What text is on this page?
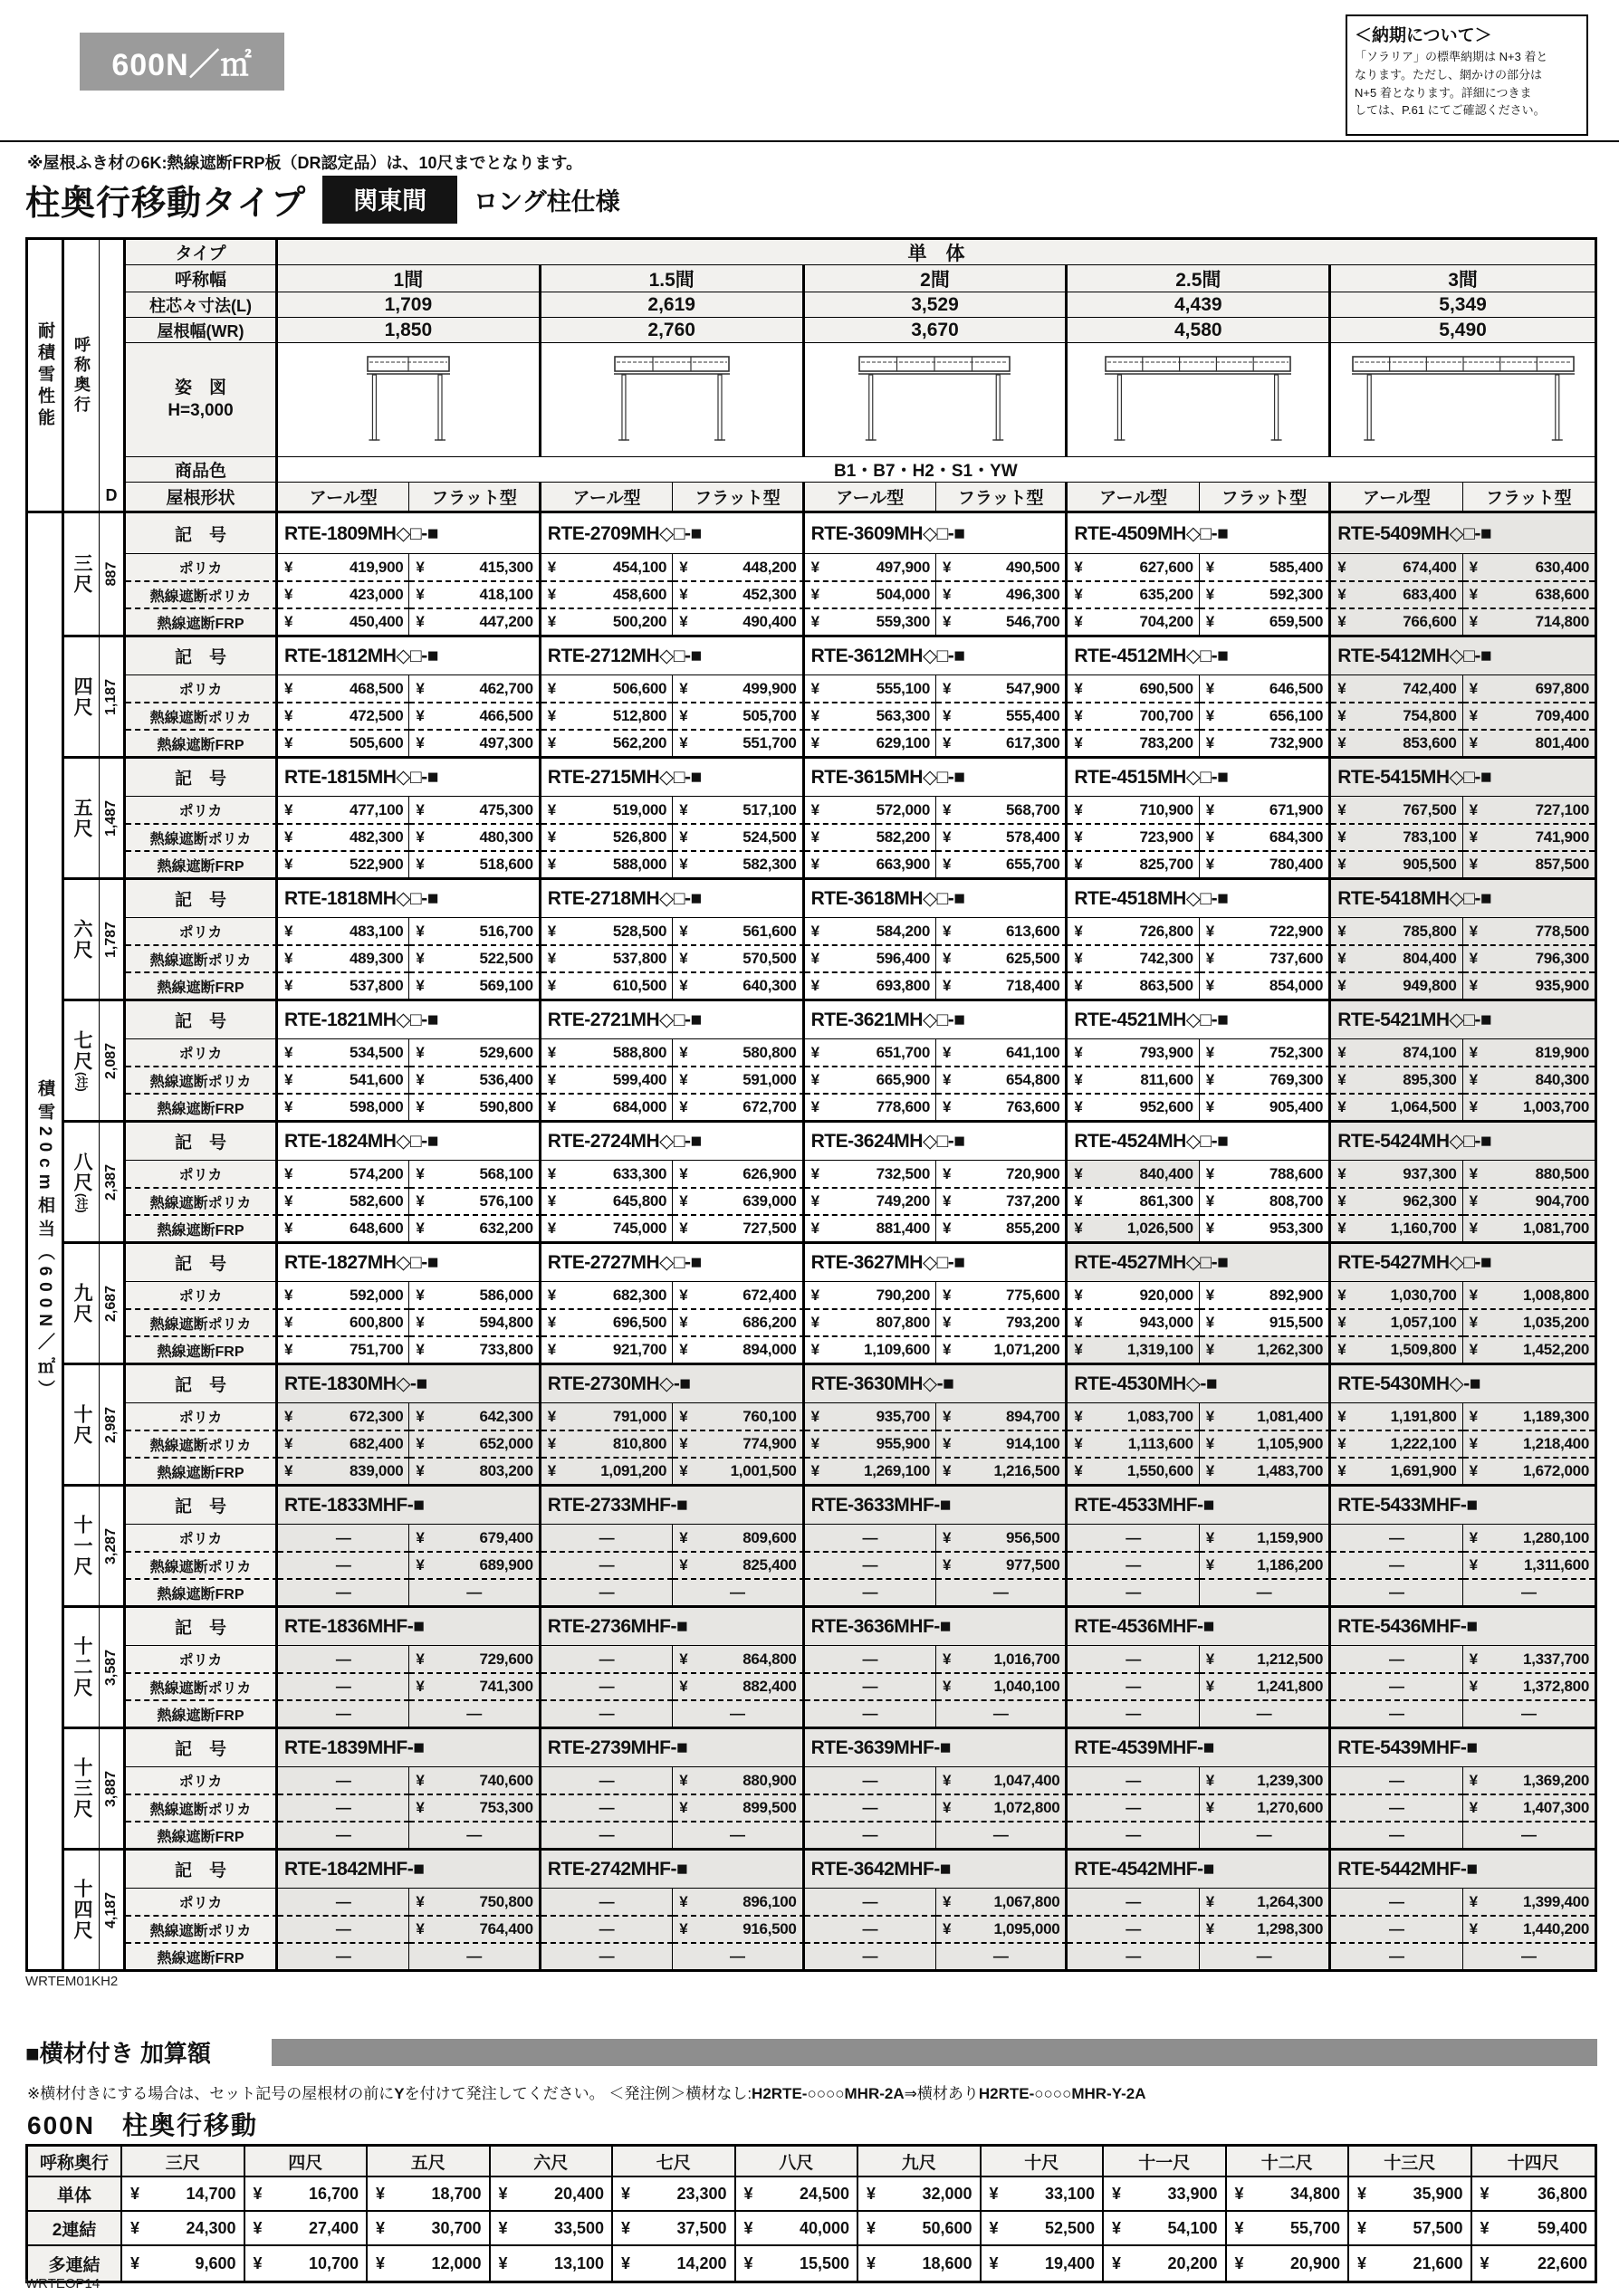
600N／㎡
＜納期について＞
「ソラリア」の標準納期は N+3 着と
なります。ただし、網かけの部分は
N+5 着となります。詳細につきま
しては、P.61 にてご確認ください。
※屋根ふき材の6K:熱線遮断FRP板（DR認定品）は、10尺までとなります。
柱奥行移動タイプ	関東間	ロング柱仕様
耐積雪性能 呼称奥行
D
タイプ	単　体
呼称幅	1間	1.5間	2間	2.5間	3間
柱芯々寸法(L)	1,709	2,619	3,529	4,439	5,349
屋根幅(WR)	1,850	2,760	3,670	4,580	5,490
姿　図
H=3,000
商品色	B1・B7・H2・S1・YW
屋根形状	アール型	フラット型	アール型	フラット型	アール型	フラット型	アール型	フラット型	アール型	フラット型
積雪20cm相当（600N／㎡）
三尺 887
記　号	RTE-1809MH◇□-■	RTE-2709MH◇□-■	RTE-3609MH◇□-■	RTE-4509MH◇□-■	RTE-5409MH◇□-■
ポリカ	¥	419,900 ¥	415,300 ¥	454,100 ¥	448,200 ¥	497,900 ¥	490,500 ¥	627,600 ¥	585,400 ¥	674,400 ¥	630,400
熱線遮断ポリカ ¥	423,000 ¥	418,100 ¥	458,600 ¥	452,300 ¥	504,000 ¥	496,300 ¥	635,200 ¥	592,300 ¥	683,400 ¥	638,600
熱線遮断FRP	¥	450,400 ¥	447,200 ¥	500,200 ¥	490,400 ¥	559,300 ¥	546,700 ¥	704,200 ¥	659,500 ¥	766,600 ¥	714,800
四尺 1,187
記　号	RTE-1812MH◇□-■	RTE-2712MH◇□-■	RTE-3612MH◇□-■	RTE-4512MH◇□-■	RTE-5412MH◇□-■
ポリカ	¥	468,500 ¥	462,700 ¥	506,600 ¥	499,900 ¥	555,100 ¥	547,900 ¥	690,500 ¥	646,500 ¥	742,400 ¥	697,800
熱線遮断ポリカ ¥	472,500 ¥	466,500 ¥	512,800 ¥	505,700 ¥	563,300 ¥	555,400 ¥	700,700 ¥	656,100 ¥	754,800 ¥	709,400
熱線遮断FRP	¥	505,600 ¥	497,300 ¥	562,200 ¥	551,700 ¥	629,100 ¥	617,300 ¥	783,200 ¥	732,900 ¥	853,600 ¥	801,400
五尺 1,487
記　号	RTE-1815MH◇□-■	RTE-2715MH◇□-■	RTE-3615MH◇□-■	RTE-4515MH◇□-■	RTE-5415MH◇□-■
ポリカ	¥	477,100 ¥	475,300 ¥	519,000 ¥	517,100 ¥	572,000 ¥	568,700 ¥	710,900 ¥	671,900 ¥	767,500 ¥	727,100
熱線遮断ポリカ ¥	482,300 ¥	480,300 ¥	526,800 ¥	524,500 ¥	582,200 ¥	578,400 ¥	723,900 ¥	684,300 ¥	783,100 ¥	741,900
熱線遮断FRP	¥	522,900 ¥	518,600 ¥	588,000 ¥	582,300 ¥	663,900 ¥	655,700 ¥	825,700 ¥	780,400 ¥	905,500 ¥	857,500
六尺 1,787
記　号	RTE-1818MH◇□-■	RTE-2718MH◇□-■	RTE-3618MH◇□-■	RTE-4518MH◇□-■	RTE-5418MH◇□-■
ポリカ	¥	483,100 ¥	516,700 ¥	528,500 ¥	561,600 ¥	584,200 ¥	613,600 ¥	726,800 ¥	722,900 ¥	785,800 ¥	778,500
熱線遮断ポリカ ¥	489,300 ¥	522,500 ¥	537,800 ¥	570,500 ¥	596,400 ¥	625,500 ¥	742,300 ¥	737,600 ¥	804,400 ¥	796,300
熱線遮断FRP	¥	537,800 ¥	569,100 ¥	610,500 ¥	640,300 ¥	693,800 ¥	718,400 ¥	863,500 ¥	854,000 ¥	949,800 ¥	935,900
七尺
(注)
2,087
記　号	RTE-1821MH◇□-■	RTE-2721MH◇□-■	RTE-3621MH◇□-■	RTE-4521MH◇□-■	RTE-5421MH◇□-■
ポリカ	¥	534,500 ¥	529,600 ¥	588,800 ¥	580,800 ¥	651,700 ¥	641,100 ¥	793,900 ¥	752,300 ¥	874,100 ¥	819,900
熱線遮断ポリカ ¥	541,600 ¥	536,400 ¥	599,400 ¥	591,000 ¥	665,900 ¥	654,800 ¥	811,600 ¥	769,300 ¥	895,300 ¥	840,300
熱線遮断FRP	¥	598,000 ¥	590,800 ¥	684,000 ¥	672,700 ¥	778,600 ¥	763,600 ¥	952,600 ¥	905,400 ¥	1,064,500 ¥	1,003,700
八尺
(注)
2,387
記　号	RTE-1824MH◇□-■	RTE-2724MH◇□-■	RTE-3624MH◇□-■	RTE-4524MH◇□-■	RTE-5424MH◇□-■
ポリカ	¥	574,200 ¥	568,100 ¥	633,300 ¥	626,900 ¥	732,500 ¥	720,900 ¥	840,400 ¥	788,600 ¥	937,300 ¥	880,500
熱線遮断ポリカ ¥	582,600 ¥	576,100 ¥	645,800 ¥	639,000 ¥	749,200 ¥	737,200 ¥	861,300 ¥	808,700 ¥	962,300 ¥	904,700
熱線遮断FRP	¥	648,600 ¥	632,200 ¥	745,000 ¥	727,500 ¥	881,400 ¥	855,200 ¥	1,026,500 ¥	953,300 ¥	1,160,700 ¥	1,081,700
九尺 2,687
記　号	RTE-1827MH◇□-■	RTE-2727MH◇□-■	RTE-3627MH◇□-■	RTE-4527MH◇□-■	RTE-5427MH◇□-■
ポリカ	¥	592,000 ¥	586,000 ¥	682,300 ¥	672,400 ¥	790,200 ¥	775,600 ¥	920,000 ¥	892,900 ¥	1,030,700 ¥	1,008,800
熱線遮断ポリカ ¥	600,800 ¥	594,800 ¥	696,500 ¥	686,200 ¥	807,800 ¥	793,200 ¥	943,000 ¥	915,500 ¥	1,057,100 ¥	1,035,200
熱線遮断FRP	¥	751,700 ¥	733,800 ¥	921,700 ¥	894,000 ¥	1,109,600 ¥	1,071,200 ¥	1,319,100 ¥	1,262,300 ¥	1,509,800 ¥	1,452,200
十尺 2,987
記　号	RTE-1830MH◇-■	RTE-2730MH◇-■	RTE-3630MH◇-■	RTE-4530MH◇-■	RTE-5430MH◇-■
ポリカ	¥	672,300 ¥	642,300 ¥	791,000 ¥	760,100 ¥	935,700 ¥	894,700 ¥	1,083,700 ¥	1,081,400 ¥	1,191,800 ¥	1,189,300
熱線遮断ポリカ ¥	682,400 ¥	652,000 ¥	810,800 ¥	774,900 ¥	955,900 ¥	914,100 ¥	1,113,600 ¥	1,105,900 ¥	1,222,100 ¥	1,218,400
熱線遮断FRP	¥	839,000 ¥	803,200 ¥	1,091,200 ¥	1,001,500 ¥	1,269,100 ¥	1,216,500 ¥	1,550,600 ¥	1,483,700 ¥	1,691,900 ¥	1,672,000
十一尺 3,287
記　号	RTE-1833MHF-■	RTE-2733MHF-■	RTE-3633MHF-■	RTE-4533MHF-■	RTE-5433MHF-■
ポリカ	—	¥	679,400	—	¥	809,600	—	¥	956,500	—	¥	1,159,900	—	¥	1,280,100
熱線遮断ポリカ	—	¥	689,900	—	¥	825,400	—	¥	977,500	—	¥	1,186,200	—	¥	1,311,600
熱線遮断FRP	—	—	—	—	—	—	—	—	—	—
十二尺 3,587
記　号	RTE-1836MHF-■	RTE-2736MHF-■	RTE-3636MHF-■	RTE-4536MHF-■	RTE-5436MHF-■
ポリカ	—	¥	729,600	—	¥	864,800	—	¥	1,016,700	—	¥	1,212,500	—	¥	1,337,700
熱線遮断ポリカ	—	¥	741,300	—	¥	882,400	—	¥	1,040,100	—	¥	1,241,800	—	¥	1,372,800
熱線遮断FRP	—	—	—	—	—	—	—	—	—	—
十三尺 3,887
記　号	RTE-1839MHF-■	RTE-2739MHF-■	RTE-3639MHF-■	RTE-4539MHF-■	RTE-5439MHF-■
ポリカ	—	¥	740,600	—	¥	880,900	—	¥	1,047,400	—	¥	1,239,300	—	¥	1,369,200
熱線遮断ポリカ	—	¥	753,300	—	¥	899,500	—	¥	1,072,800	—	¥	1,270,600	—	¥	1,407,300
熱線遮断FRP	—	—	—	—	—	—	—	—	—	—
十四尺 4,187
記　号	RTE-1842MHF-■	RTE-2742MHF-■	RTE-3642MHF-■	RTE-4542MHF-■	RTE-5442MHF-■
ポリカ	—	¥	750,800	—	¥	896,100	—	¥	1,067,800	—	¥	1,264,300	—	¥	1,399,400
熱線遮断ポリカ	—	¥	764,400	—	¥	916,500	—	¥	1,095,000	—	¥	1,298,300	—	¥	1,440,200
熱線遮断FRP	—	—	—	—	—	—	—	—	—	—
WRTEM01KH2
■横材付き 加算額
※横材付きにする場合は、セット記号の屋根材の前にYを付けて発注してください。 ＜発注例＞横材なし:H2RTE-○○○○MHR-2A⇒横材ありH2RTE-○○○○MHR-Y-2A
600N　柱奥行移動
呼称奥行	三尺	四尺	五尺	六尺	七尺	八尺	九尺	十尺	十一尺	十二尺	十三尺	十四尺
単体 ¥	14,700 ¥	16,700 ¥	18,700 ¥	20,400 ¥	23,300 ¥	24,500 ¥	32,000 ¥	33,100 ¥	33,900 ¥	34,800 ¥	35,900 ¥	36,800
2連結 ¥	24,300 ¥	27,400 ¥	30,700 ¥	33,500 ¥	37,500 ¥	40,000 ¥	50,600 ¥	52,500 ¥	54,100 ¥	55,700 ¥	57,500 ¥	59,400
多連結 ¥	9,600 ¥	10,700 ¥	12,000 ¥	13,100 ¥	14,200 ¥	15,500 ¥	18,600 ¥	19,400 ¥	20,200 ¥	20,900 ¥	21,600 ¥	22,600
WRTEOP14
